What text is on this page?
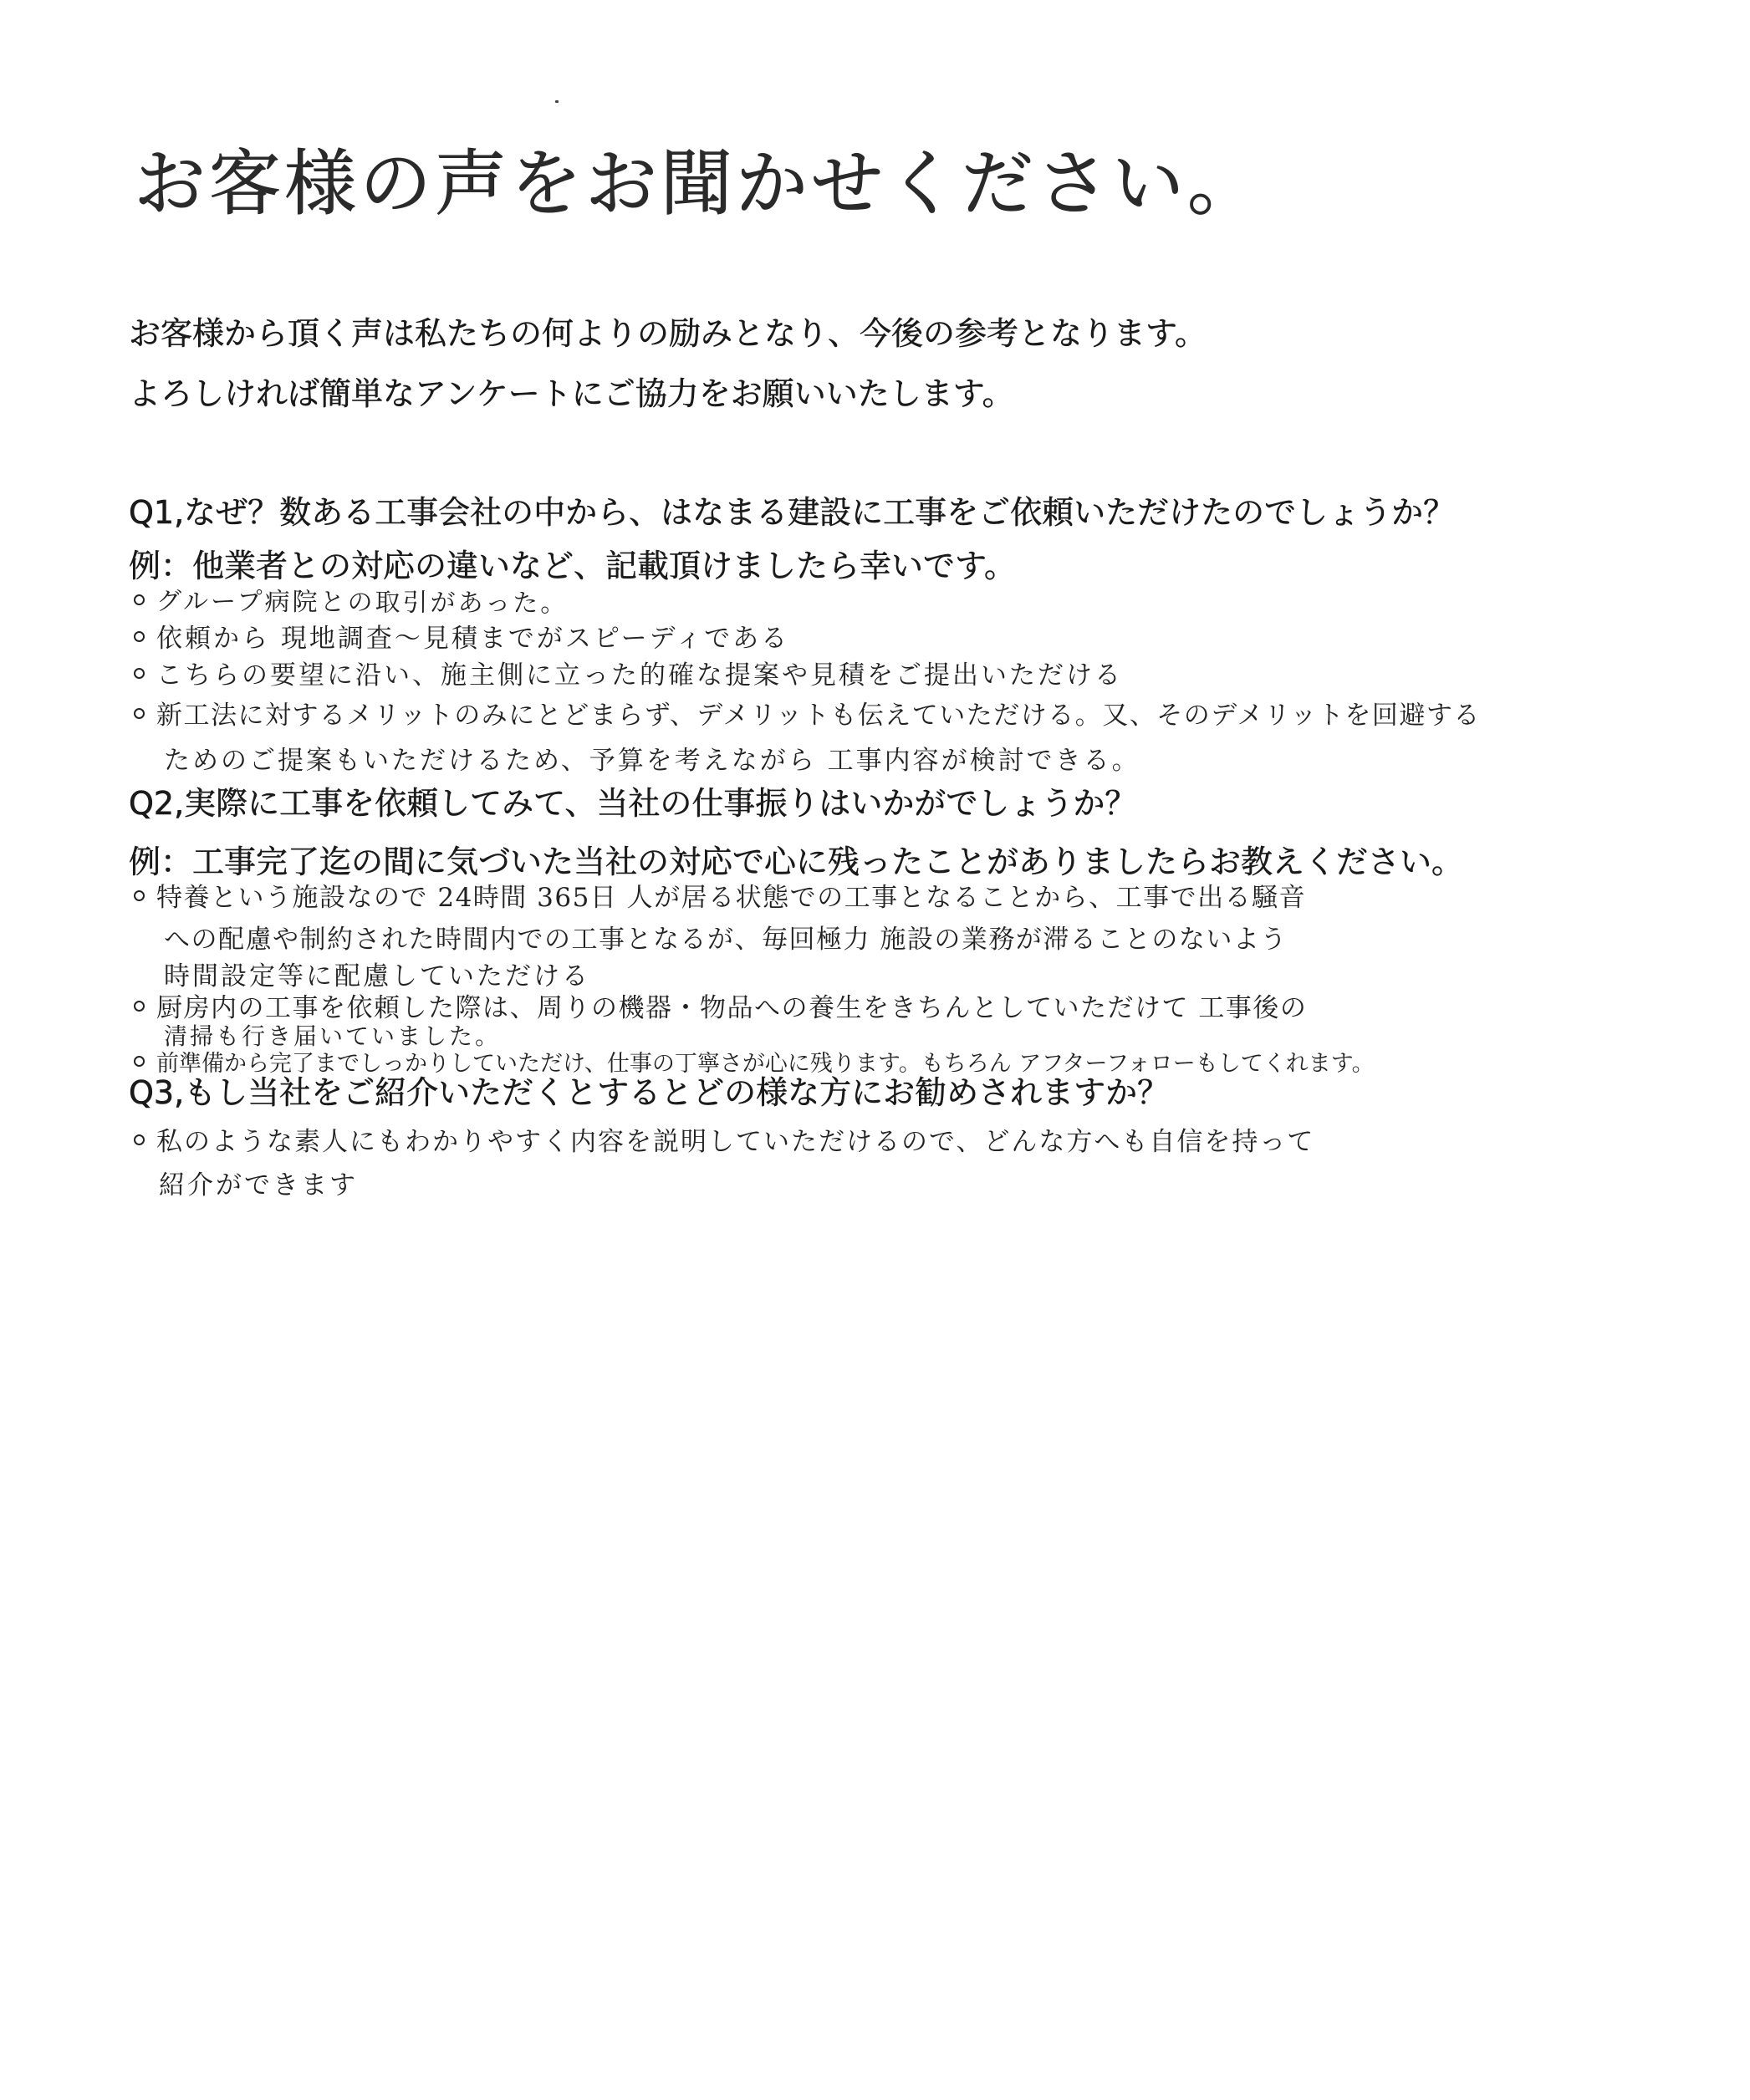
お客様の声をお聞かせください。
お客様から頂く声は私たちの何よりの励みとなり、今後の参考となります。
よろしければ簡単なアンケートにご協力をお願いいたします。
Q1,なぜ？数ある工事会社の中から、はなまる建設に工事をご依頼いただけたのでしょうか？
例：他業者との対応の違いなど、記載頂けましたら幸いです。
グループ病院との取引があった。
依頼から 現地調査～見積までがスピーディである
こちらの要望に沿い、施主側に立った的確な提案や見積をご提出いただける
新工法に対するメリットのみにとどまらず、デメリットも伝えていただける。又、そのデメリットを回避する
ためのご提案もいただけるため、予算を考えながら 工事内容が検討できる。
Q2,実際に工事を依頼してみて、当社の仕事振りはいかがでしょうか？
例：工事完了迄の間に気づいた当社の対応で心に残ったことがありましたらお教えください。
特養という施設なので 24時間 365日 人が居る状態での工事となることから、工事で出る騒音
への配慮や制約された時間内での工事となるが、毎回極力 施設の業務が滞ることのないよう
時間設定等に配慮していただける
厨房内の工事を依頼した際は、周りの機器・物品への養生をきちんとしていただけて 工事後の
清掃も行き届いていました。
前準備から完了までしっかりしていただけ、仕事の丁寧さが心に残ります。もちろん アフターフォローもしてくれます。
Q3,もし当社をご紹介いただくとするとどの様な方にお勧めされますか？
私のような素人にもわかりやすく内容を説明していただけるので、どんな方へも自信を持って
紹介ができます
